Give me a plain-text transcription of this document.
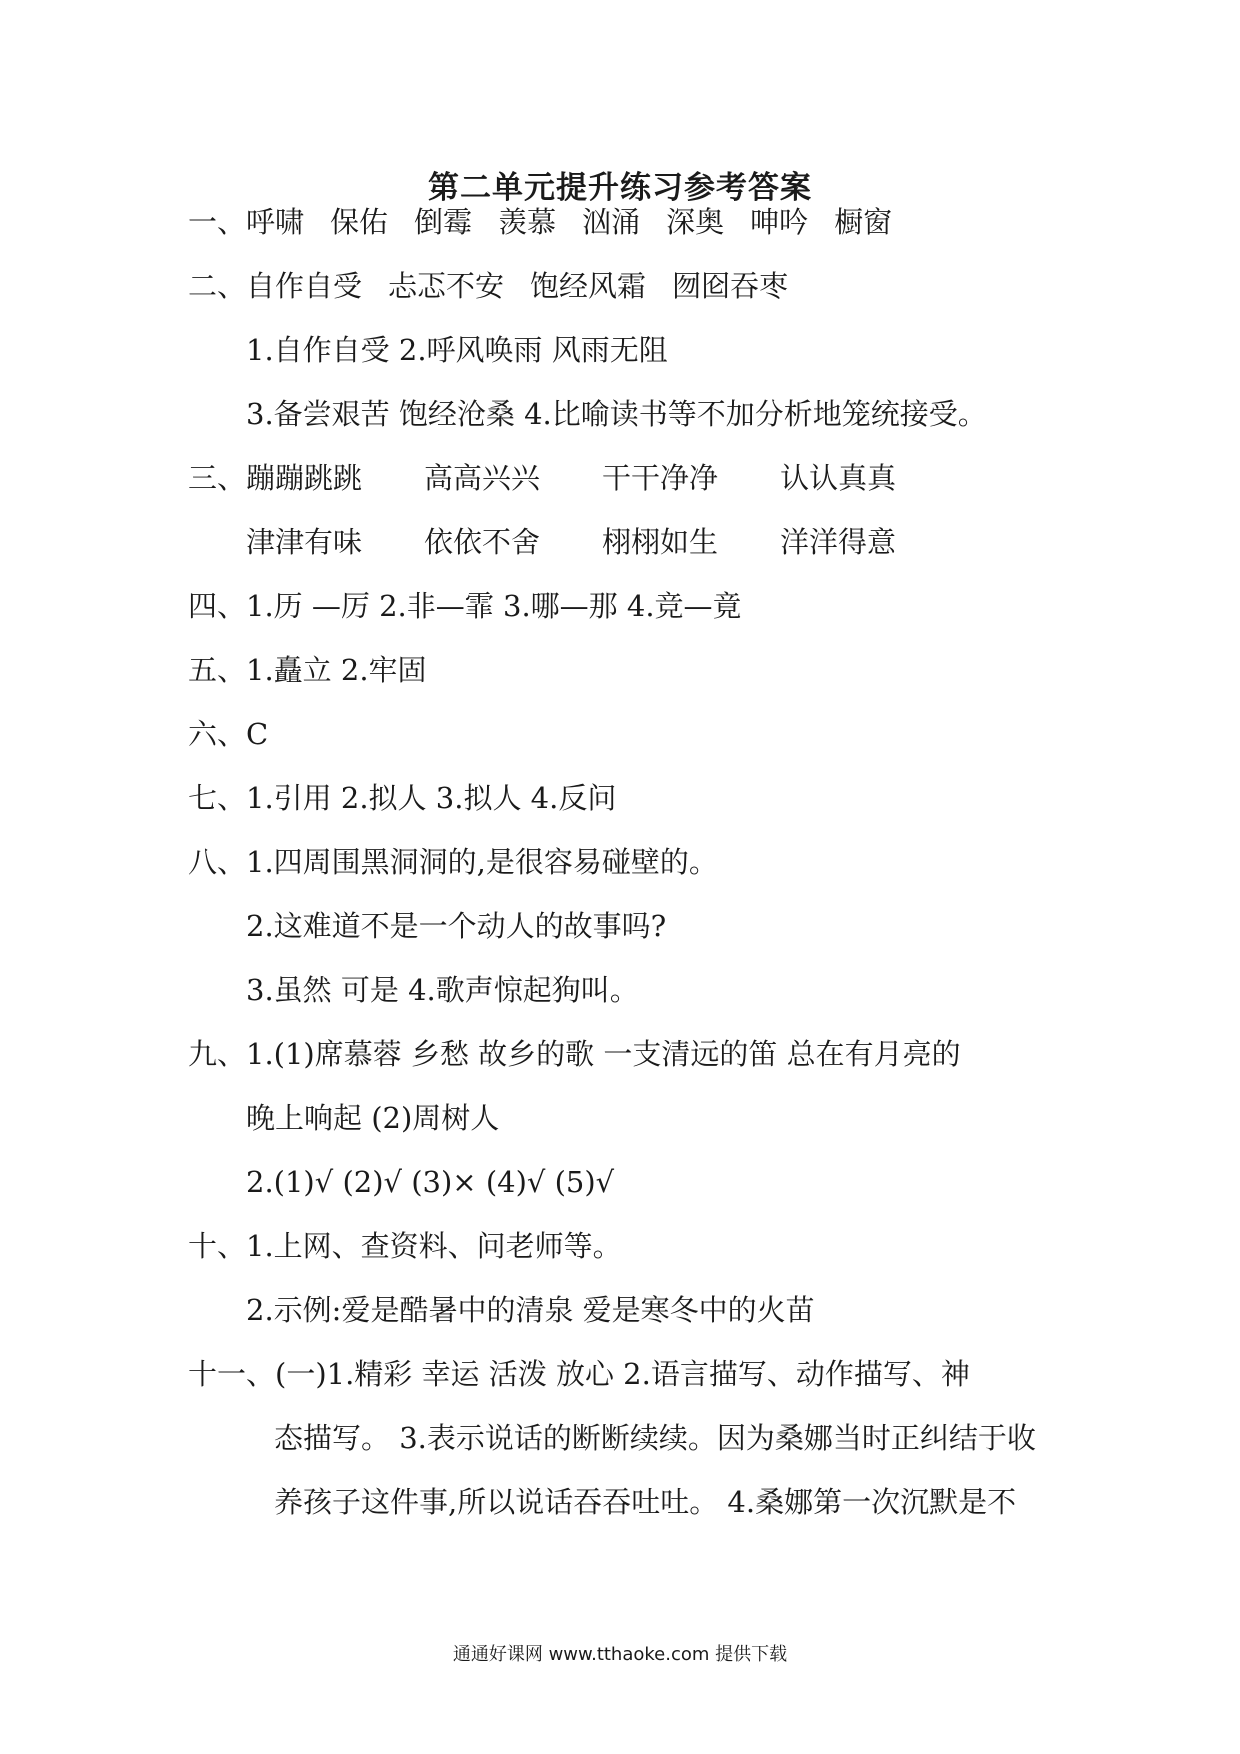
第二单元提升练习参考答案
一、呼啸 保佑 倒霉 羡慕 汹涌 深奥 呻吟 橱窗
二、自作自受 忐忑不安 饱经风霜 囫囵吞枣
1.自作自受 2.呼风唤雨 风雨无阻
3.备尝艰苦 饱经沧桑 4.比喻读书等不加分析地笼统接受。
三、蹦蹦跳跳 高高兴兴 干干净净 认认真真
津津有味 依依不舍 栩栩如生 洋洋得意
四、1.历 —厉 2.非—霏 3.哪—那 4.竞—竟
五、1.矗立 2.牢固
六、C
七、1.引用 2.拟人 3.拟人 4.反问
八、1.四周围黑洞洞的,是很容易碰壁的。
2.这难道不是一个动人的故事吗?
3.虽然 可是 4.歌声惊起狗叫。
九、1.(1)席慕蓉 乡愁 故乡的歌 一支清远的笛 总在有月亮的
晚上响起 (2)周树人
2.(1)√ (2)√ (3)× (4)√ (5)√
十、1.上网、查资料、问老师等。
2.示例:爱是酷暑中的清泉 爱是寒冬中的火苗
十一、(一)1.精彩 幸运 活泼 放心 2.语言描写、动作描写、神
态描写。 3.表示说话的断断续续。因为桑娜当时正纠结于收
养孩子这件事,所以说话吞吞吐吐。 4.桑娜第一次沉默是不
通通好课网 www.tthaoke.com 提供下载
